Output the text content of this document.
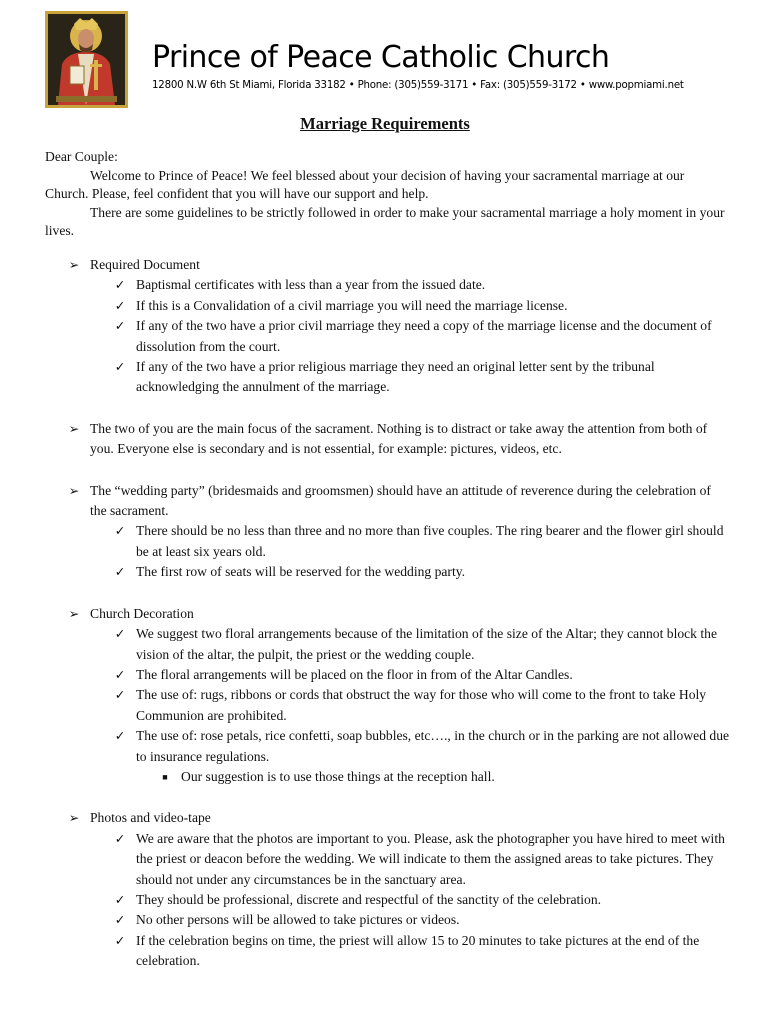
Prince of Peace Catholic Church
12800 N.W 6th St Miami, Florida 33182 • Phone: (305)559-3171 • Fax: (305)559-3172 • www.popmiami.net
Marriage Requirements

Dear Couple:

Welcome to Prince of Peace! We feel blessed about your decision of having your sacramental marriage at our Church. Please, feel confident that you will have our support and help.

There are some guidelines to be strictly followed in order to make your sacramental marriage a holy moment in your lives.

➢ Required Document
✓ Baptismal certificates with less than a year from the issued date.
✓ If this is a Convalidation of a civil marriage you will need the marriage license.
✓ If any of the two have a prior civil marriage they need a copy of the marriage license and the document of dissolution from the court.
✓ If any of the two have a prior religious marriage they need an original letter sent by the tribunal acknowledging the annulment of the marriage.
➢ The two of you are the main focus of the sacrament. Nothing is to distract or take away the attention from both of you. Everyone else is secondary and is not essential, for example: pictures, videos, etc.
➢ The “wedding party” (bridesmaids and groomsmen) should have an attitude of reverence during the celebration of the sacrament.
✓ There should be no less than three and no more than five couples. The ring bearer and the flower girl should be at least six years old.
✓ The first row of seats will be reserved for the wedding party.
➢ Church Decoration
✓ We suggest two floral arrangements because of the limitation of the size of the Altar; they cannot block the vision of the altar, the pulpit, the priest or the wedding couple.
✓ The floral arrangements will be placed on the floor in from of the Altar Candles.
✓ The use of: rugs, ribbons or cords that obstruct the way for those who will come to the front to take Holy Communion are prohibited.
✓ The use of: rose petals, rice confetti, soap bubbles, etc…., in the church or in the parking are not allowed due to insurance regulations.
■ Our suggestion is to use those things at the reception hall.
➢ Photos and video-tape
✓ We are aware that the photos are important to you. Please, ask the photographer you have hired to meet with the priest or deacon before the wedding. We will indicate to them the assigned areas to take pictures. They should not under any circumstances be in the sanctuary area.
✓ They should be professional, discrete and respectful of the sanctity of the celebration.
✓ No other persons will be allowed to take pictures or videos.
✓ If the celebration begins on time, the priest will allow 15 to 20 minutes to take pictures at the end of the celebration.
